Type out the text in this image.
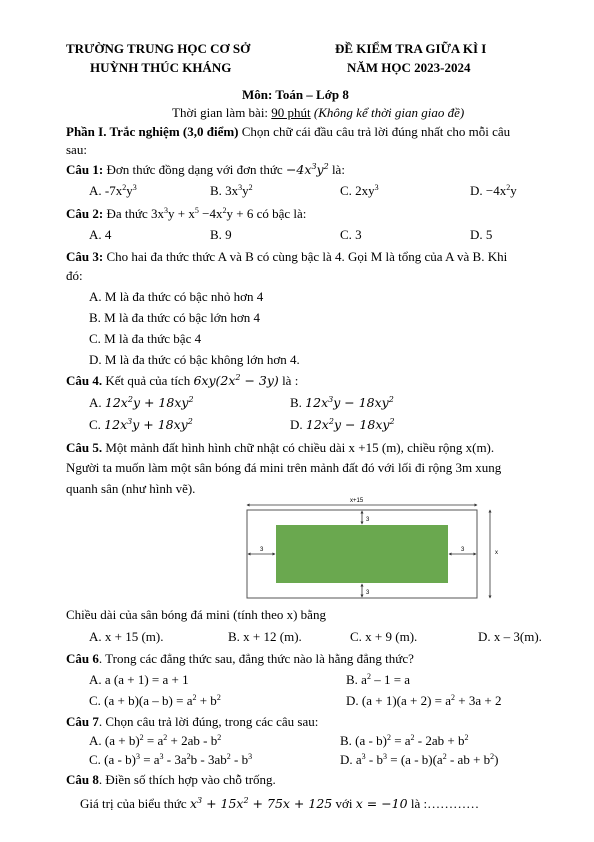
TRƯỜNG TRUNG HỌC CƠ SỞ
HUỲNH THÚC KHÁNG
ĐỀ KIỂM TRA GIỮA KÌ I
NĂM HỌC 2023-2024
Môn: Toán – Lớp 8
Thời gian làm bài: 90 phút (Không kể thời gian giao đề)
Phần I. Trắc nghiệm (3,0 điểm) Chọn chữ cái đầu câu trả lời đúng nhất cho mỗi câu
sau:
Câu 1: Đơn thức đồng dạng với đơn thức $-4x^3y^2$ là:
A. $-7x^2y^3$	B. $3x^3y^2$	C. $2xy^3$	D. $-4x^2y$
Câu 2: Đa thức $3x^3y + x^5 -4x^2y + 6$ có bậc là:
A. 4	B. 9	C. 3	D. 5
Câu 3: Cho hai đa thức thức A và B có cùng bậc là 4. Gọi M là tổng của A và B. Khi
đó:
A. M là đa thức có bậc nhỏ hơn 4
B. M là đa thức có bậc lớn hơn 4
C. M là đa thức bậc 4
D. M là đa thức có bậc không lớn hơn 4.
Câu 4. Kết quả của tích $6xy(2x^2 - 3y)$ là :
A. $12x^2y + 18xy^2$	B. $12x^3y - 18xy^2$
C. $12x^3y + 18xy^2$	D. $12x^2y - 18xy^2$
Câu 5. Một mảnh đất hình hình chữ nhật có chiều dài x +15 (m), chiều rộng x(m).
Người ta muốn làm một sân bóng đá mini trên mảnh đất đó với lối đi rộng 3m xung
quanh sân (như hình vẽ).
x+15
x
3
3
3	3
Chiều dài của sân bóng đá mini (tính theo x) bằng
A. x + 15 (m).	B. x + 12 (m).	C. x + 9 (m).	D. x – 3(m).
Câu 6. Trong các đẳng thức sau, đẳng thức nào là hằng đẳng thức?
A. a (a + 1) = a + 1	B. $a^2 - 1 = a$
C. $(a + b)(a - b) = a^2 + b^2$	D. $(a + 1)(a + 2) = a^2 + 3a + 2$
Câu 7. Chọn câu trả lời đúng, trong các câu sau:
A. $(a + b)^2 = a^2 + 2ab - b^2$	B. $(a - b)^2 = a^2 - 2ab + b^2$
C. $(a - b)^3 = a^3 - 3a^2b - 3ab^2 - b^3$	D. $a^3 - b^3 = (a - b)(a^2$ - ab + $b^2$)
Câu 8. Điền số thích hợp vào chỗ trống.
Giá trị của biểu thức $x^3 + 15x^2 + 75x + 125$ với x = −10 là :…………
